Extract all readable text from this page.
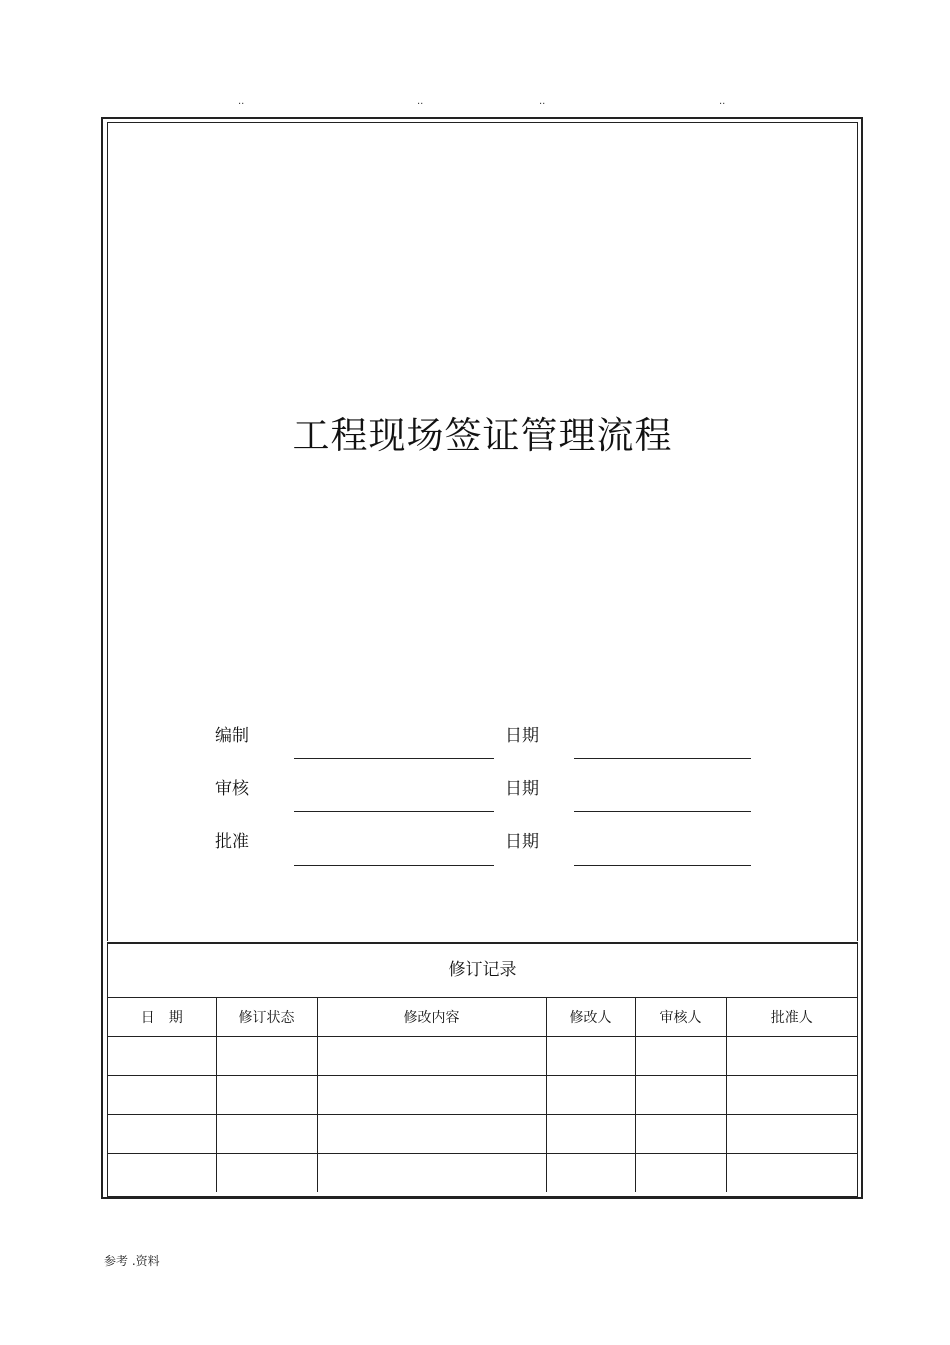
..	..	..	..
工程现场签证管理流程
编制	日期
审核	日期
批准	日期
修订记录
日　期	修订状态	修改内容	修改人	审核人	批准人

参考 .资料
